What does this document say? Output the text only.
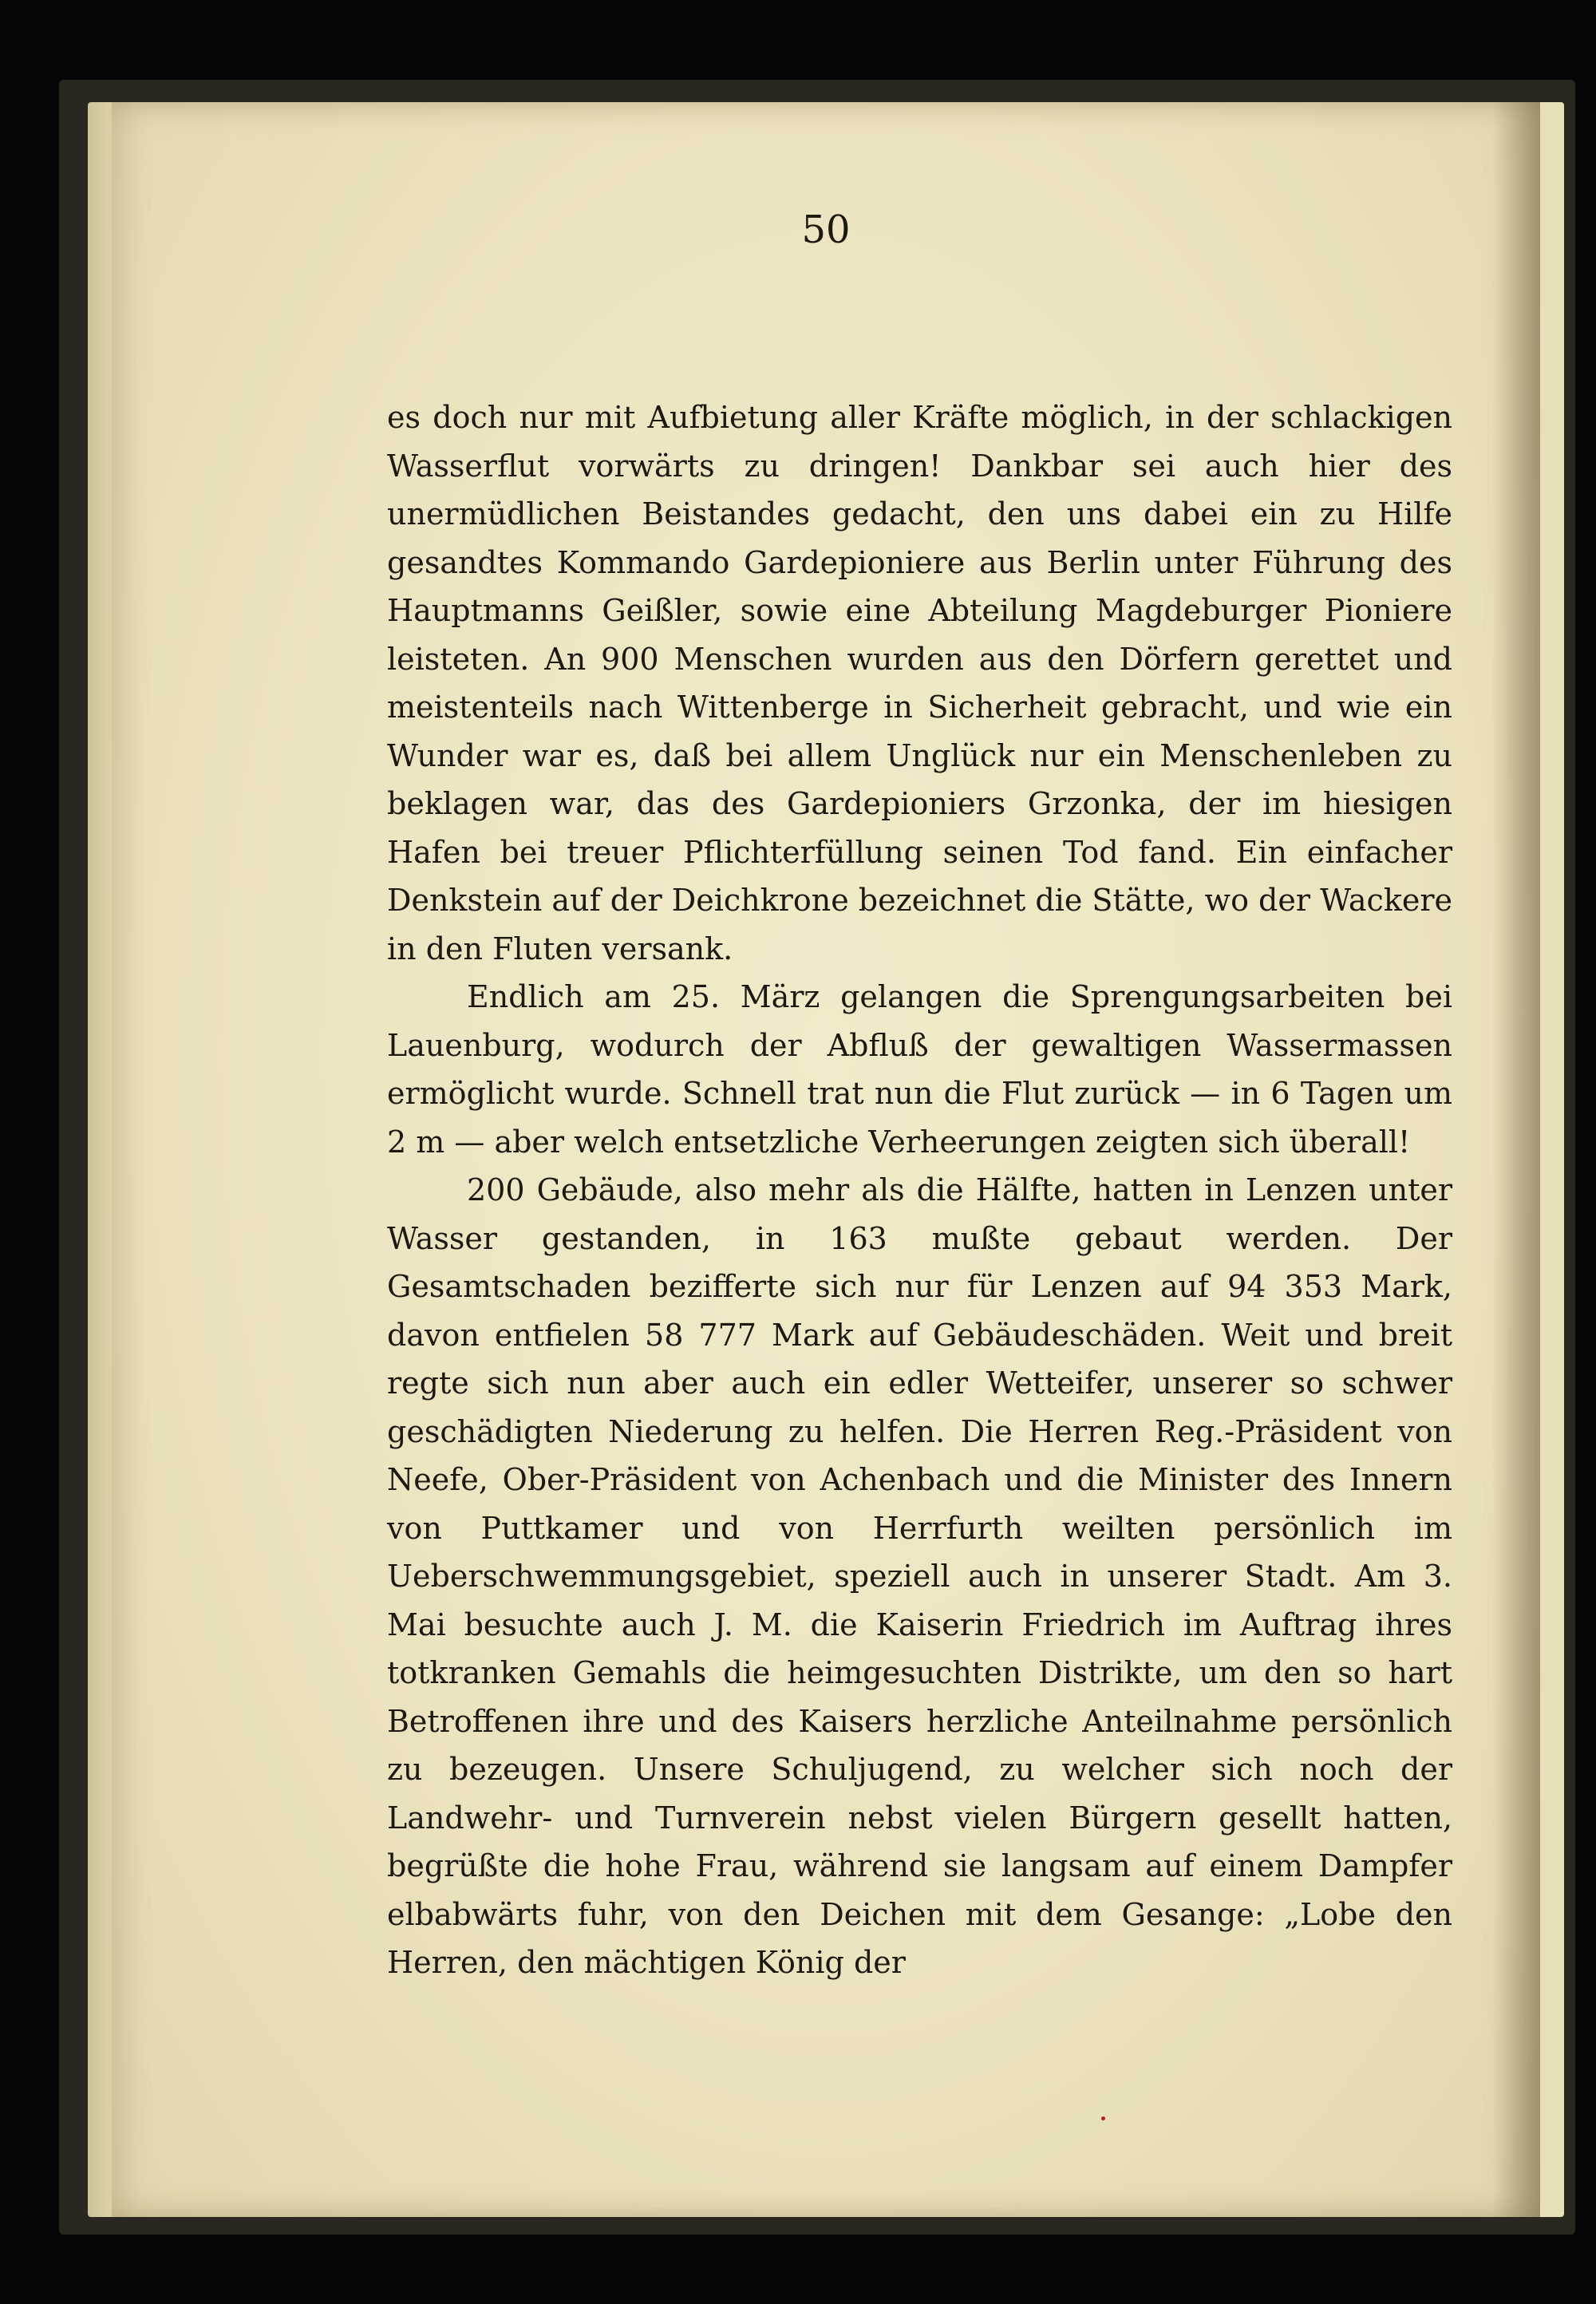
50

es doch nur mit Aufbietung aller Kräfte möglich, in der schlackigen Wasserflut vorwärts zu dringen! Dankbar sei auch hier des unermüdlichen Beistandes gedacht, den uns dabei ein zu Hilfe gesandtes Kommando Gardepioniere aus Berlin unter Führung des Hauptmanns Geißler, sowie eine Abteilung Magdeburger Pioniere leisteten. An 900 Menschen wurden aus den Dörfern gerettet und meistenteils nach Wittenberge in Sicherheit gebracht, und wie ein Wunder war es, daß bei allem Unglück nur ein Menschenleben zu beklagen war, das des Gardepioniers Grzonka, der im hiesigen Hafen bei treuer Pflichterfüllung seinen Tod fand. Ein einfacher Denkstein auf der Deichkrone bezeichnet die Stätte, wo der Wackere in den Fluten versank.

Endlich am 25. März gelangen die Sprengungsarbeiten bei Lauenburg, wodurch der Abfluß der gewaltigen Wassermassen ermöglicht wurde. Schnell trat nun die Flut zurück — in 6 Tagen um 2 m — aber welch entsetzliche Verheerungen zeigten sich überall!

200 Gebäude, also mehr als die Hälfte, hatten in Lenzen unter Wasser gestanden, in 163 mußte gebaut werden. Der Gesamtschaden bezifferte sich nur für Lenzen auf 94 353 Mark, davon entfielen 58 777 Mark auf Gebäudeschäden. Weit und breit regte sich nun aber auch ein edler Wetteifer, unserer so schwer geschädigten Niederung zu helfen. Die Herren Reg.-Präsident von Neefe, Ober-Präsident von Achenbach und die Minister des Innern von Puttkamer und von Herrfurth weilten persönlich im Ueberschwemmungsgebiet, speziell auch in unserer Stadt. Am 3. Mai besuchte auch J. M. die Kaiserin Friedrich im Auftrag ihres totkranken Gemahls die heimgesuchten Distrikte, um den so hart Betroffenen ihre und des Kaisers herzliche Anteilnahme persönlich zu bezeugen. Unsere Schuljugend, zu welcher sich noch der Landwehr- und Turnverein nebst vielen Bürgern gesellt hatten, begrüßte die hohe Frau, während sie langsam auf einem Dampfer elbabwärts fuhr, von den Deichen mit dem Gesange: „Lobe den Herren, den mächtigen König der
